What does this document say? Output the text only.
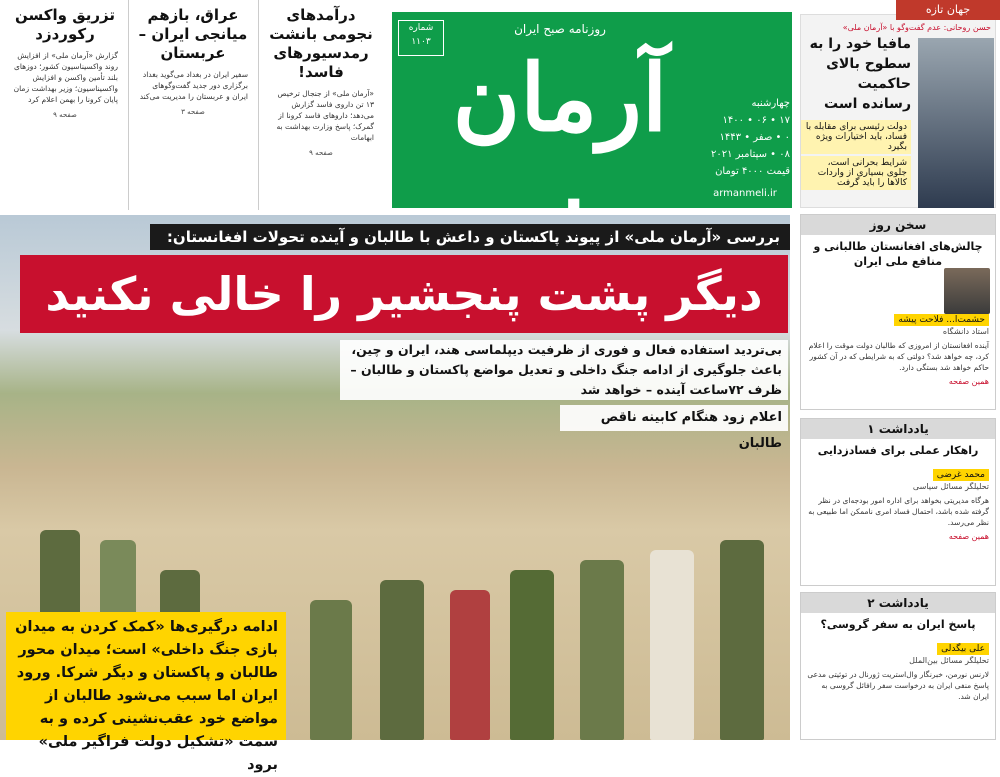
تزریق واکسن رکوردزد

گزارش «آرمان ملی» از افزایش روند واکسیناسیون کشور؛ دوزهای بلند تأمین واکسن و افزایش واکسیناسیون؛ وزیر بهداشت زمان پایان کرونا را بهمن اعلام کرد

صفحه ۹
عراق، بازهم میانجی ایران – عربستان

سفیر ایران در بغداد می‌گوید بغداد برگزاری دور جدید گفت‌وگوهای ایران و عربستان را مدیریت می‌کند

صفحه ۳
درآمدهای نجومی بانشت رمدسیورهای فاسد!

«آرمان ملی» از جنجال ترخیص ۱۳ تن داروی فاسد گزارش می‌دهد؛ داروهای فاسد کرونا از گمرک؛ پاسخ وزارت بهداشت به ابهامات

صفحه ۹
شماره
۱۱۰۳
روزنامه صبح ایران
آرمان	چهارشنبه
۱۷ • ۰۶ • ۱۴۰۰
۰ • صفر • ۱۴۴۳
۰۸ • سپتامبر ۲۰۲۱
قیمت ۴۰۰۰ تومان
armanmeli.ir
حسن روحانی: عدم گفت‌وگو با «آرمان ملی»
مافیا خود را به سطوح بالای حاکمیت رسانده است
دولت رئیسی برای مقابله با فساد، باید اختیارات ویژه بگیرد
شرایط بحرانی است، جلوی بسیاری از واردات کالاها را باید گرفت
جهان تازه
بررسی «آرمان ملی» از پیوند پاکستان و داعش با طالبان و آینده تحولات افغانستان:
دیگر پشت پنجشیر را خالی نکنید
بی‌تردید استفاده فعال و فوری از ظرفیت دیپلماسی هند، ایران و چین، باعث جلوگیری از ادامه جنگ داخلی و تعدیل مواضع پاکستان و طالبان – ظرف ۷۲ساعت آینده – خواهد شد
اعلام زود هنگام کابینه ناقص طالبان
ادامه درگیری‌ها «کمک کردن به میدان بازی جنگ داخلی» است؛ میدان محور طالبان و پاکستان و دیگر شرکا. ورود ایران اما سبب می‌شود طالبان از مواضع خود عقب‌نشینی کرده و به سمت «تشکیل دولت فراگیر ملی» برود
سخن روز
چالش‌های افغانستان طالبانی و منافع ملی ایران
حشمت‌ا... فلاحت پیشه
استاد دانشگاه

آینده افغانستان از امروزی که طالبان دولت موقت را اعلام کرد، چه خواهد شد؟ دولتی که به شرایطی که در آن کشور حاکم خواهد شد بستگی دارد.

همین صفحه
یادداشت ۱
راهکار عملی برای فسادزدایی
محمد غرضی
تحلیلگر مسائل سیاسی

هرگاه مدیریتی بخواهد برای اداره امور بودجه‌ای در نظر گرفته شده باشد، احتمال فساد امری ناممکن اما طبیعی به نظر می‌رسد.

همین صفحه
یادداشت ۲
پاسخ ایران به سفر گروسی؟
علی بیگدلی
تحلیلگر مسائل بین‌الملل

لارنس نورمن، خبرنگار وال‌استریت ژورنال در توئیتی مدعی پاسخ منفی ایران به درخواست سفر رافائل گروسی به ایران شد.
